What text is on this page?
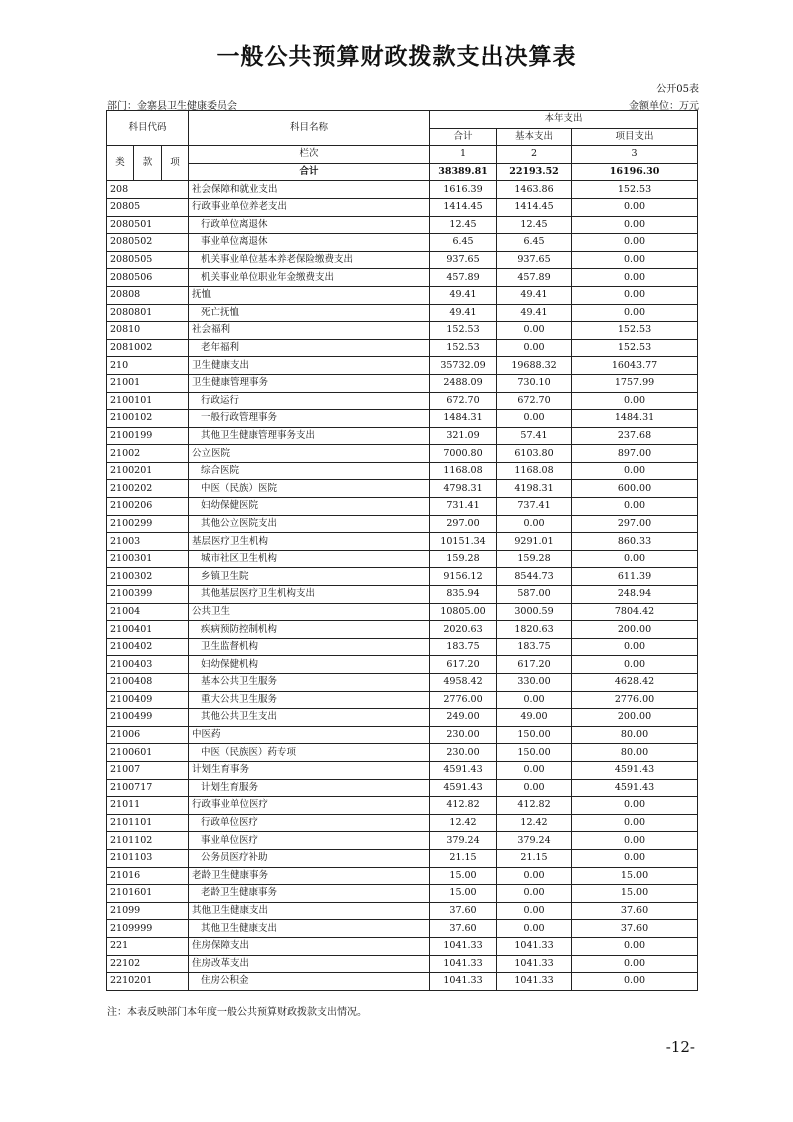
一般公共预算财政拨款支出决算表
公开05表
部门：金寨县卫生健康委员会	金额单位：万元
科目代码			科目名称	本年支出		
				合计	基本支出	项目支出
类	款	项	栏次	1	2	3
			合计	38389.81	22193.52	16196.30
208			社会保障和就业支出	1616.39	1463.86	152.53
20805			行政事业单位养老支出	1414.45	1414.45	0.00
2080501			行政单位离退休	12.45	12.45	0.00
2080502			事业单位离退休	6.45	6.45	0.00
2080505			机关事业单位基本养老保险缴费支出	937.65	937.65	0.00
2080506			机关事业单位职业年金缴费支出	457.89	457.89	0.00
20808			抚恤	49.41	49.41	0.00
2080801			死亡抚恤	49.41	49.41	0.00
20810			社会福利	152.53	0.00	152.53
2081002			老年福利	152.53	0.00	152.53
210			卫生健康支出	35732.09	19688.32	16043.77
21001			卫生健康管理事务	2488.09	730.10	1757.99
2100101			行政运行	672.70	672.70	0.00
2100102			一般行政管理事务	1484.31	0.00	1484.31
2100199			其他卫生健康管理事务支出	321.09	57.41	237.68
21002			公立医院	7000.80	6103.80	897.00
2100201			综合医院	1168.08	1168.08	0.00
2100202			中医（民族）医院	4798.31	4198.31	600.00
2100206			妇幼保健医院	731.41	737.41	0.00
2100299			其他公立医院支出	297.00	0.00	297.00
21003			基层医疗卫生机构	10151.34	9291.01	860.33
2100301			城市社区卫生机构	159.28	159.28	0.00
2100302			乡镇卫生院	9156.12	8544.73	611.39
2100399			其他基层医疗卫生机构支出	835.94	587.00	248.94
21004			公共卫生	10805.00	3000.59	7804.42
2100401			疾病预防控制机构	2020.63	1820.63	200.00
2100402			卫生监督机构	183.75	183.75	0.00
2100403			妇幼保健机构	617.20	617.20	0.00
2100408			基本公共卫生服务	4958.42	330.00	4628.42
2100409			重大公共卫生服务	2776.00	0.00	2776.00
2100499			其他公共卫生支出	249.00	49.00	200.00
21006			中医药	230.00	150.00	80.00
2100601			中医（民族医）药专项	230.00	150.00	80.00
21007			计划生育事务	4591.43	0.00	4591.43
2100717			计划生育服务	4591.43	0.00	4591.43
21011			行政事业单位医疗	412.82	412.82	0.00
2101101			行政单位医疗	12.42	12.42	0.00
2101102			事业单位医疗	379.24	379.24	0.00
2101103			公务员医疗补助	21.15	21.15	0.00
21016			老龄卫生健康事务	15.00	0.00	15.00
2101601			老龄卫生健康事务	15.00	0.00	15.00
21099			其他卫生健康支出	37.60	0.00	37.60
2109999			其他卫生健康支出	37.60	0.00	37.60
221			住房保障支出	1041.33	1041.33	0.00
22102			住房改革支出	1041.33	1041.33	0.00
2210201			住房公积金	1041.33	1041.33	0.00
注：本表反映部门本年度一般公共预算财政拨款支出情况。
-12-
